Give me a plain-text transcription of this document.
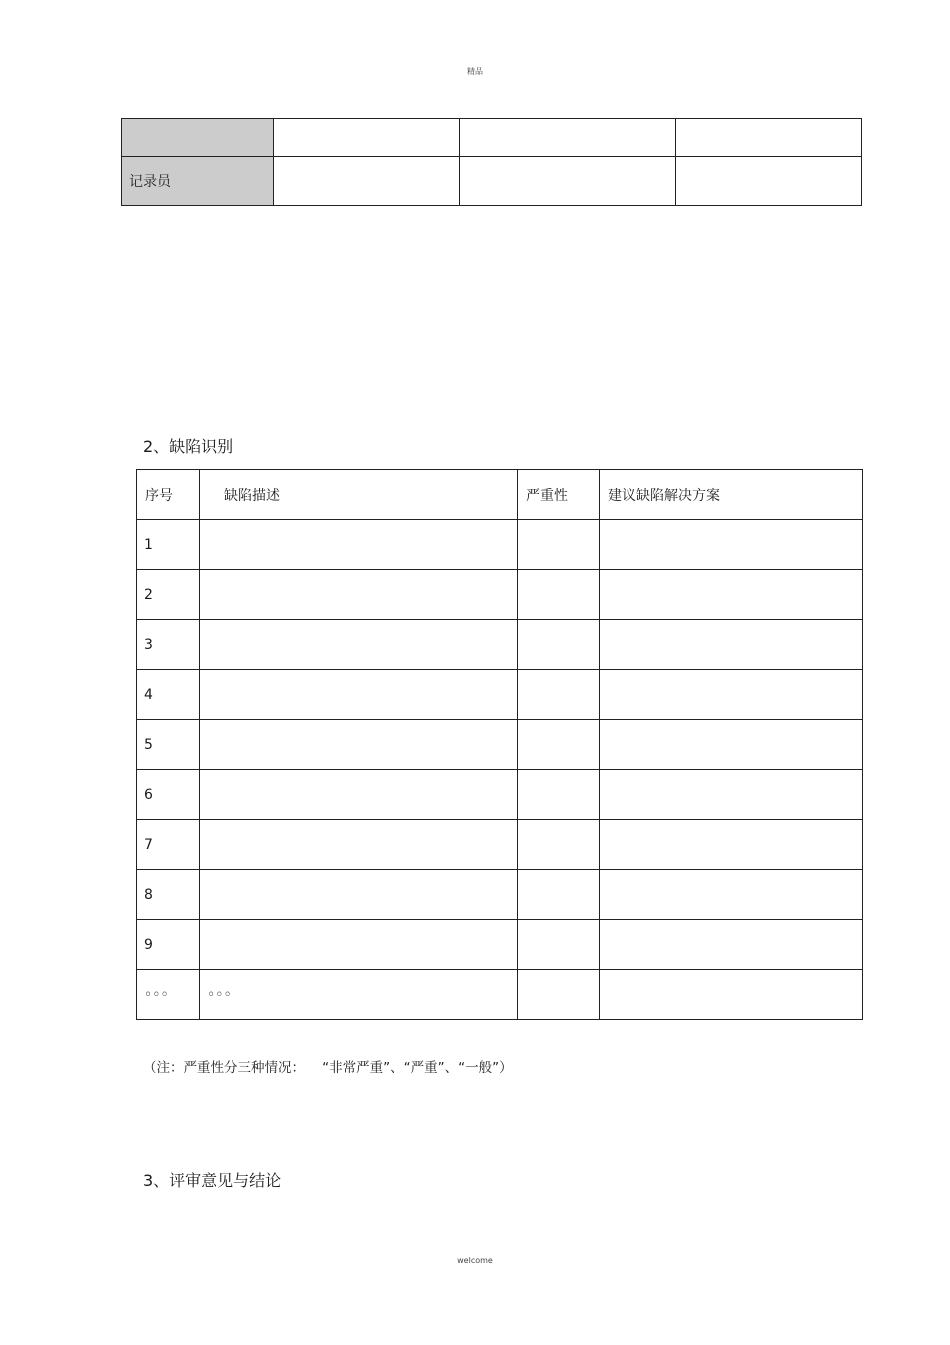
精品

记录员			
2、缺陷识别
序号	缺陷描述	严重性	建议缺陷解决方案
1			
2			
3			
4			
5			
6			
7			
8			
9			
◦◦◦	◦◦◦		
（注：严重性分三种情况：    “非常严重”、“严重”、“一般”）
3、评审意见与结论
welcome
